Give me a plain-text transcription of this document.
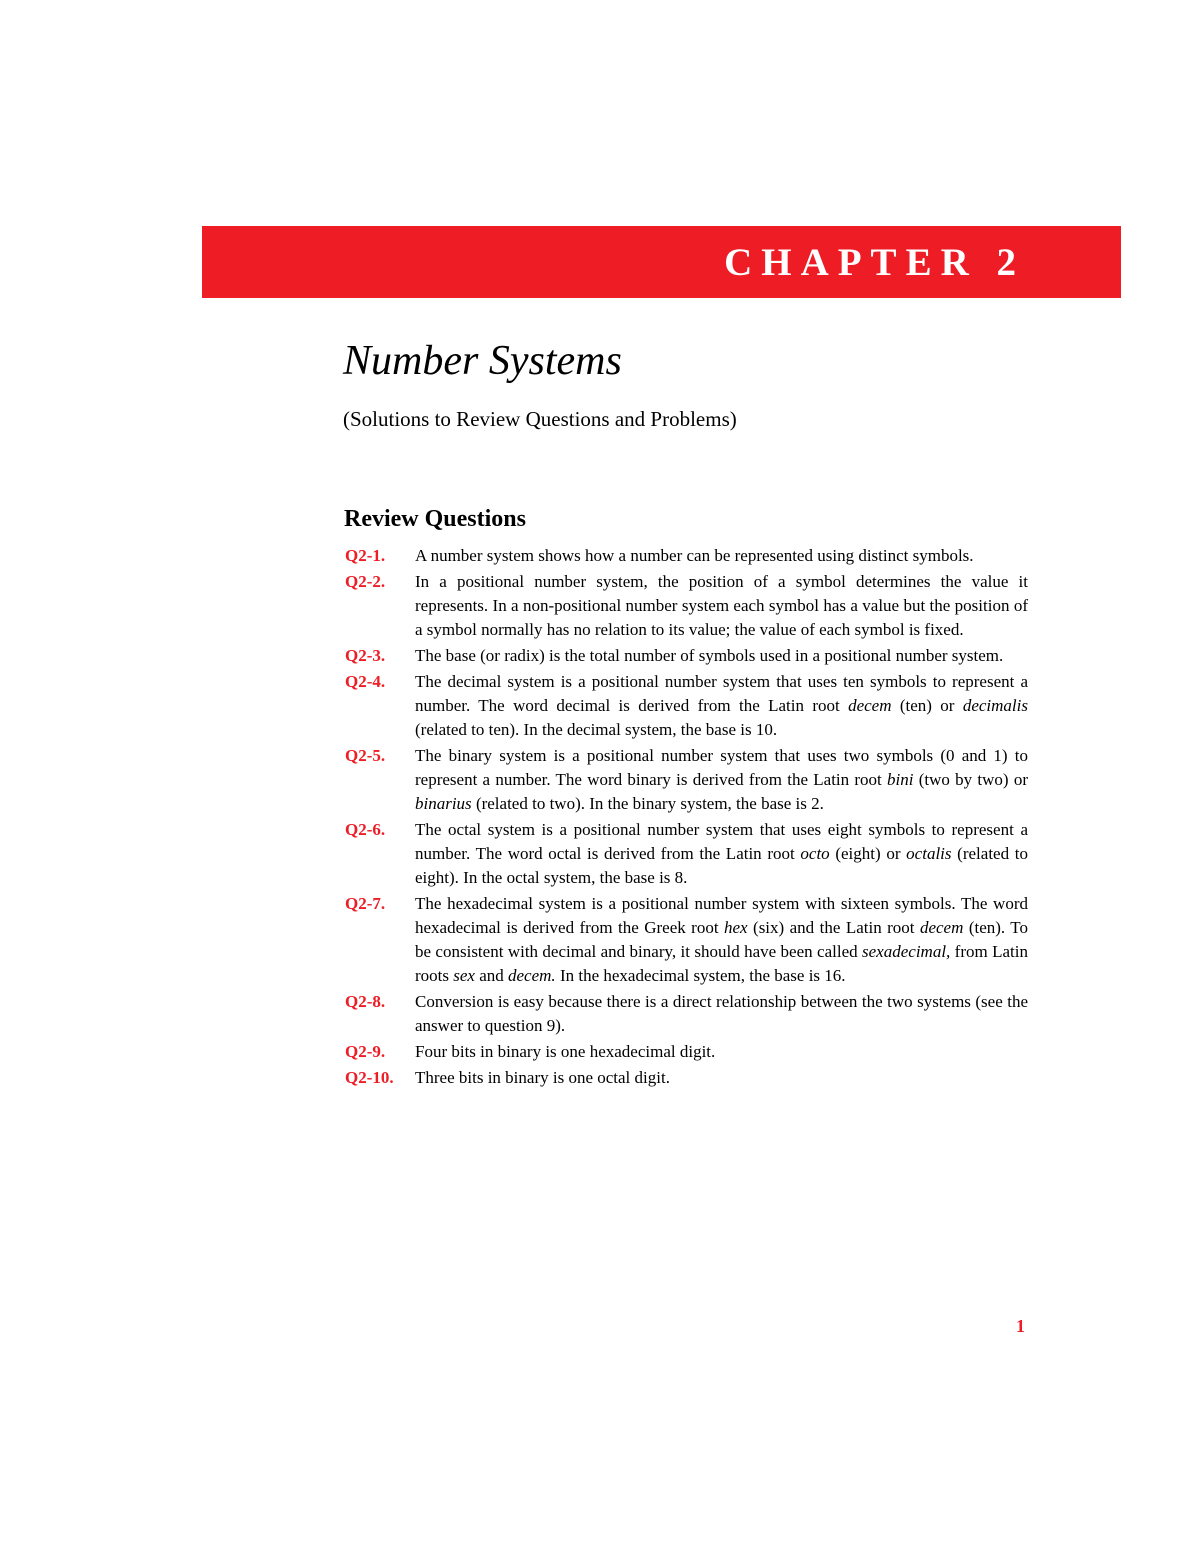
CHAPTER 2
Number Systems
(Solutions to Review Questions and Problems)
Review Questions
Q2-1.	A number system shows how a number can be represented using distinct symbols.
Q2-2.	In a positional number system, the position of a symbol determines the value it represents. In a non-positional number system each symbol has a value but the position of a symbol normally has no relation to its value; the value of each symbol is fixed.
Q2-3.	The base (or radix) is the total number of symbols used in a positional number system.
Q2-4.	The decimal system is a positional number system that uses ten symbols to represent a number. The word decimal is derived from the Latin root decem (ten) or decimalis (related to ten). In the decimal system, the base is 10.
Q2-5.	The binary system is a positional number system that uses two symbols (0 and 1) to represent a number. The word binary is derived from the Latin root bini (two by two) or binarius (related to two). In the binary system, the base is 2.
Q2-6.	The octal system is a positional number system that uses eight symbols to represent a number. The word octal is derived from the Latin root octo (eight) or octalis (related to eight). In the octal system, the base is 8.
Q2-7.	The hexadecimal system is a positional number system with sixteen symbols. The word hexadecimal is derived from the Greek root hex (six) and the Latin root decem (ten). To be consistent with decimal and binary, it should have been called sexadecimal, from Latin roots sex and decem. In the hexadecimal system, the base is 16.
Q2-8.	Conversion is easy because there is a direct relationship between the two systems (see the answer to question 9).
Q2-9.	Four bits in binary is one hexadecimal digit.
Q2-10.	Three bits in binary is one octal digit.
1
